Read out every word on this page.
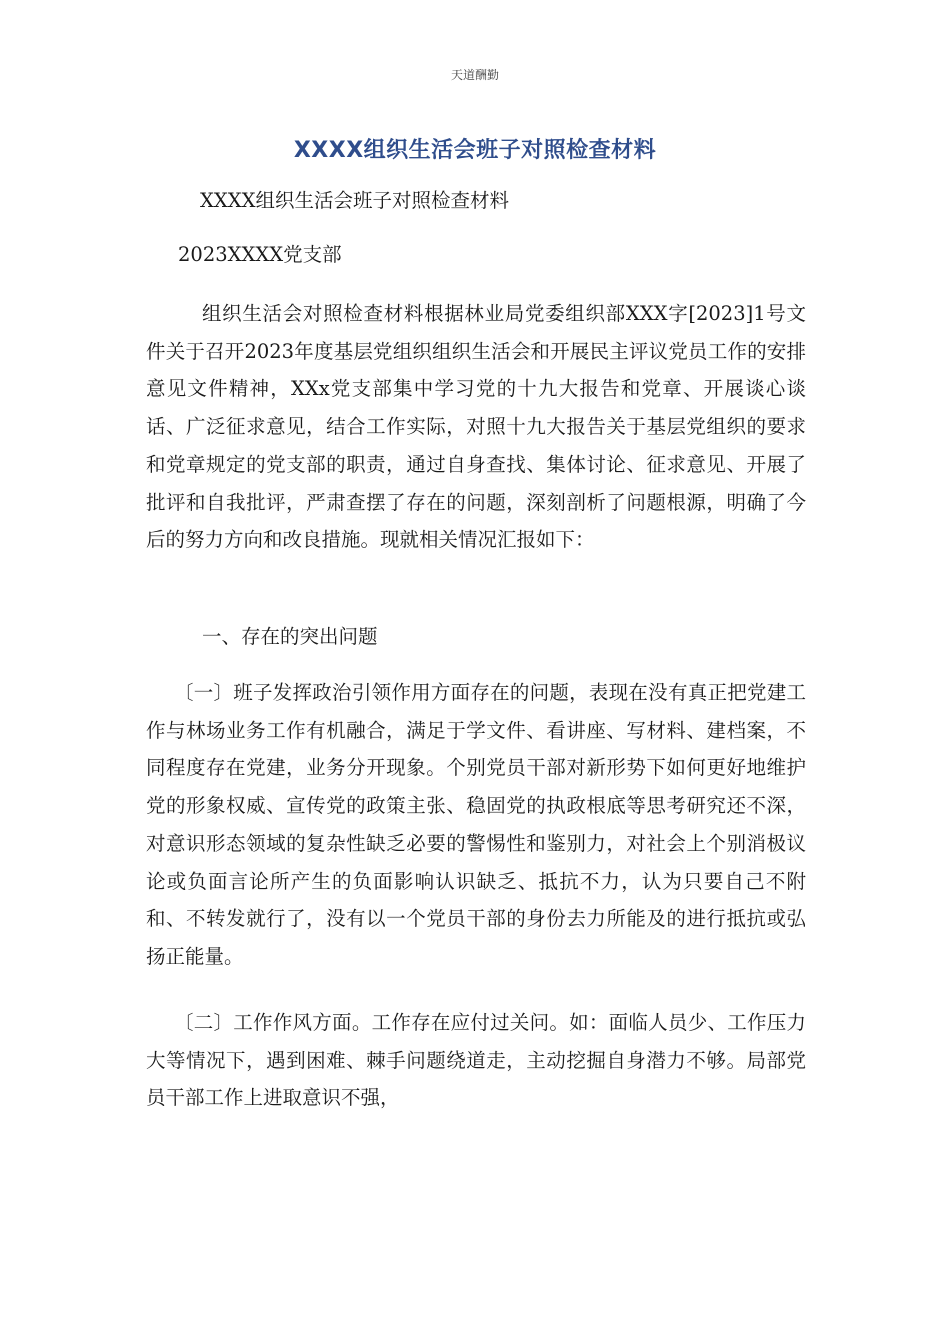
天道酬勤
XXXX组织生活会班子对照检查材料

XXXX组织生活会班子对照检查材料

2023XXXX党支部

组织生活会对照检查材料根据林业局党委组织部XXX字[2023]1号文件关于召开2023年度基层党组织组织生活会和开展民主评议党员工作的安排意见文件精神，XXx党支部集中学习党的十九大报告和党章、开展谈心谈话、广泛征求意见，结合工作实际，对照十九大报告关于基层党组织的要求和党章规定的党支部的职责，通过自身查找、集体讨论、征求意见、开展了批评和自我批评，严肃查摆了存在的问题，深刻剖析了问题根源，明确了今后的努力方向和改良措施。现就相关情况汇报如下：

一、存在的突出问题

〔一〕班子发挥政治引领作用方面存在的问题，表现在没有真正把党建工作与林场业务工作有机融合，满足于学文件、看讲座、写材料、建档案，不同程度存在党建，业务分开现象。个别党员干部对新形势下如何更好地维护党的形象权威、宣传党的政策主张、稳固党的执政根底等思考研究还不深，对意识形态领域的复杂性缺乏必要的警惕性和鉴别力，对社会上个别消极议论或负面言论所产生的负面影响认识缺乏、抵抗不力，认为只要自己不附和、不转发就行了，没有以一个党员干部的身份去力所能及的进行抵抗或弘扬正能量。

〔二〕工作作风方面。工作存在应付过关问。如：面临人员少、工作压力大等情况下，遇到困难、棘手问题绕道走，主动挖掘自身潜力不够。局部党员干部工作上进取意识不强，
